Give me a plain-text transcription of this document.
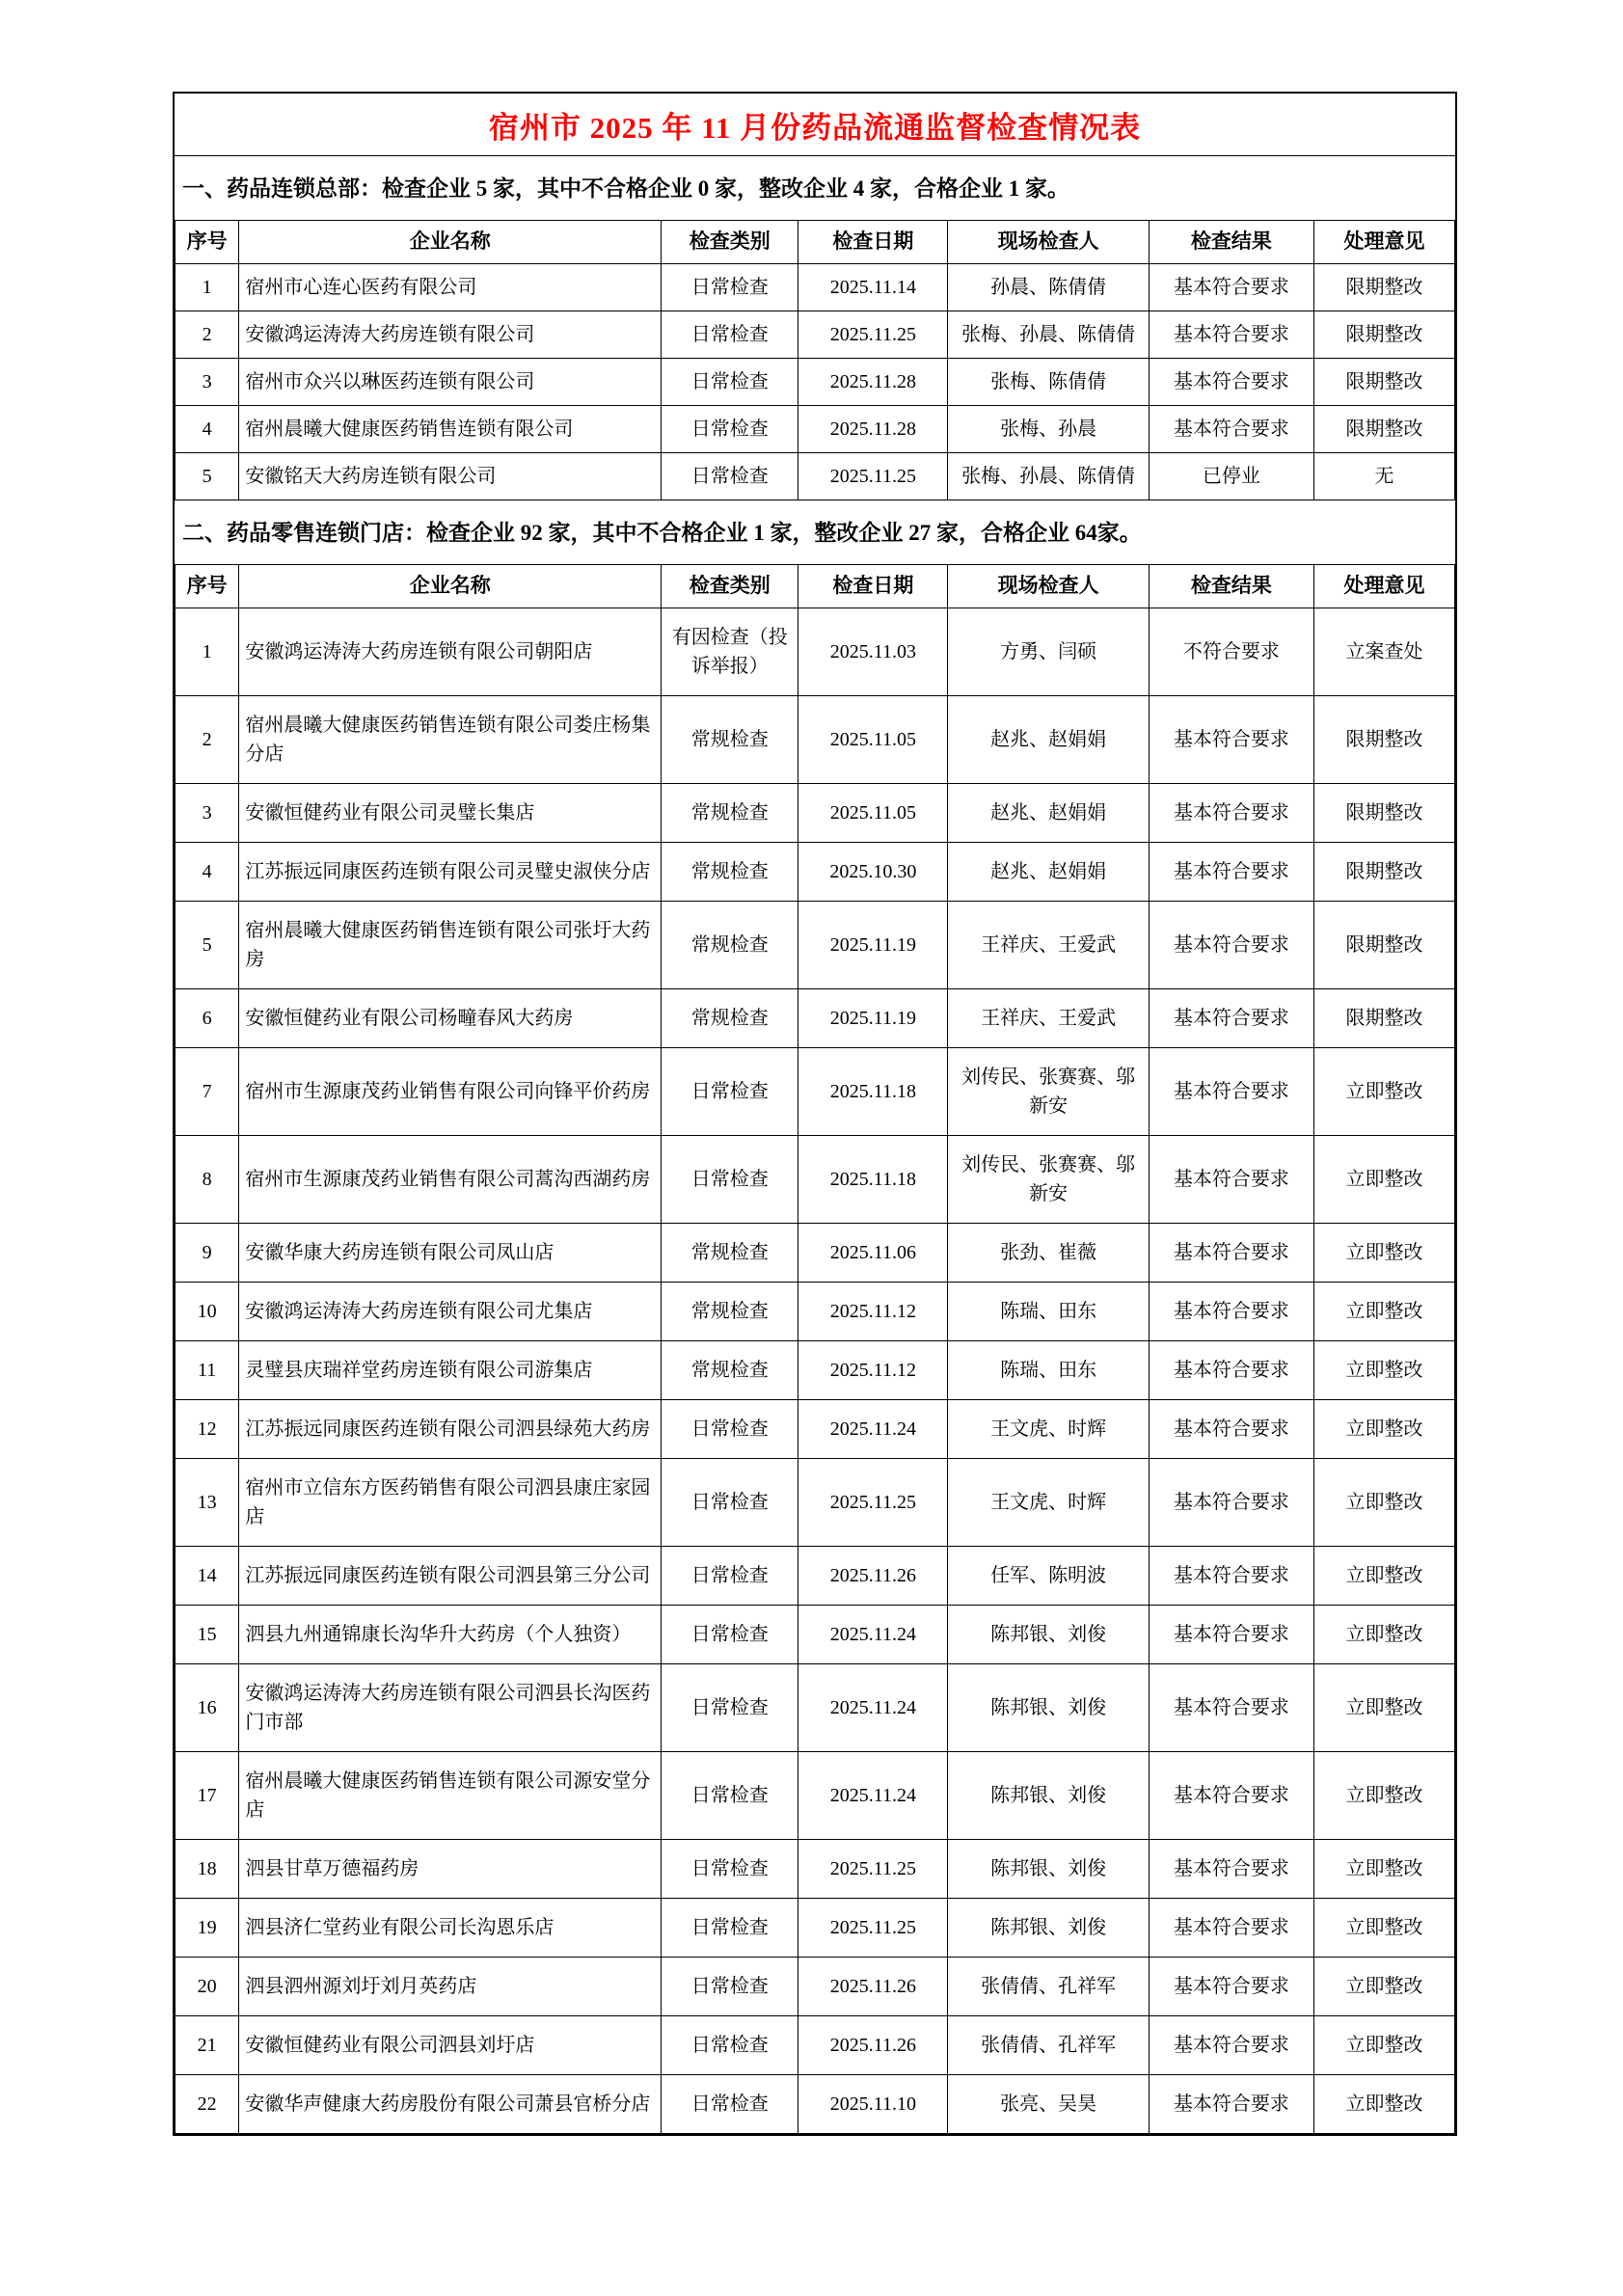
宿州市 2025 年 11 月份药品流通监督检查情况表
一、药品连锁总部：检查企业 5 家，其中不合格企业 0 家，整改企业 4 家，合格企业 1 家。
序号	企业名称	检查类别	检查日期	现场检查人	检查结果	处理意见
1	宿州市心连心医药有限公司	日常检查	2025.11.14	孙晨、陈倩倩	基本符合要求	限期整改
2	安徽鸿运涛涛大药房连锁有限公司	日常检查	2025.11.25	张梅、孙晨、陈倩倩	基本符合要求	限期整改
3	宿州市众兴以琳医药连锁有限公司	日常检查	2025.11.28	张梅、陈倩倩	基本符合要求	限期整改
4	宿州晨曦大健康医药销售连锁有限公司	日常检查	2025.11.28	张梅、孙晨	基本符合要求	限期整改
5	安徽铭天大药房连锁有限公司	日常检查	2025.11.25	张梅、孙晨、陈倩倩	已停业	无
二、药品零售连锁门店：检查企业 92 家，其中不合格企业 1 家，整改企业 27 家，合格企业 64家。
序号	企业名称	检查类别	检查日期	现场检查人	检查结果	处理意见
1	安徽鸿运涛涛大药房连锁有限公司朝阳店	有因检查（投诉举报）	2025.11.03	方勇、闫硕	不符合要求	立案查处
2	宿州晨曦大健康医药销售连锁有限公司娄庄杨集分店	常规检查	2025.11.05	赵兆、赵娟娟	基本符合要求	限期整改
3	安徽恒健药业有限公司灵璧长集店	常规检查	2025.11.05	赵兆、赵娟娟	基本符合要求	限期整改
4	江苏振远同康医药连锁有限公司灵璧史淑侠分店	常规检查	2025.10.30	赵兆、赵娟娟	基本符合要求	限期整改
5	宿州晨曦大健康医药销售连锁有限公司张圩大药房	常规检查	2025.11.19	王祥庆、王爱武	基本符合要求	限期整改
6	安徽恒健药业有限公司杨疃春风大药房	常规检查	2025.11.19	王祥庆、王爱武	基本符合要求	限期整改
7	宿州市生源康茂药业销售有限公司向锋平价药房	日常检查	2025.11.18	刘传民、张赛赛、邬新安	基本符合要求	立即整改
8	宿州市生源康茂药业销售有限公司蒿沟西湖药房	日常检查	2025.11.18	刘传民、张赛赛、邬新安	基本符合要求	立即整改
9	安徽华康大药房连锁有限公司凤山店	常规检查	2025.11.06	张劲、崔薇	基本符合要求	立即整改
10	安徽鸿运涛涛大药房连锁有限公司尤集店	常规检查	2025.11.12	陈瑞、田东	基本符合要求	立即整改
11	灵璧县庆瑞祥堂药房连锁有限公司游集店	常规检查	2025.11.12	陈瑞、田东	基本符合要求	立即整改
12	江苏振远同康医药连锁有限公司泗县绿苑大药房	日常检查	2025.11.24	王文虎、时辉	基本符合要求	立即整改
13	宿州市立信东方医药销售有限公司泗县康庄家园店	日常检查	2025.11.25	王文虎、时辉	基本符合要求	立即整改
14	江苏振远同康医药连锁有限公司泗县第三分公司	日常检查	2025.11.26	任军、陈明波	基本符合要求	立即整改
15	泗县九州通锦康长沟华升大药房（个人独资）	日常检查	2025.11.24	陈邦银、刘俊	基本符合要求	立即整改
16	安徽鸿运涛涛大药房连锁有限公司泗县长沟医药门市部	日常检查	2025.11.24	陈邦银、刘俊	基本符合要求	立即整改
17	宿州晨曦大健康医药销售连锁有限公司源安堂分店	日常检查	2025.11.24	陈邦银、刘俊	基本符合要求	立即整改
18	泗县甘草万德福药房	日常检查	2025.11.25	陈邦银、刘俊	基本符合要求	立即整改
19	泗县济仁堂药业有限公司长沟恩乐店	日常检查	2025.11.25	陈邦银、刘俊	基本符合要求	立即整改
20	泗县泗州源刘圩刘月英药店	日常检查	2025.11.26	张倩倩、孔祥军	基本符合要求	立即整改
21	安徽恒健药业有限公司泗县刘圩店	日常检查	2025.11.26	张倩倩、孔祥军	基本符合要求	立即整改
22	安徽华声健康大药房股份有限公司萧县官桥分店	日常检查	2025.11.10	张亮、吴昊	基本符合要求	立即整改
